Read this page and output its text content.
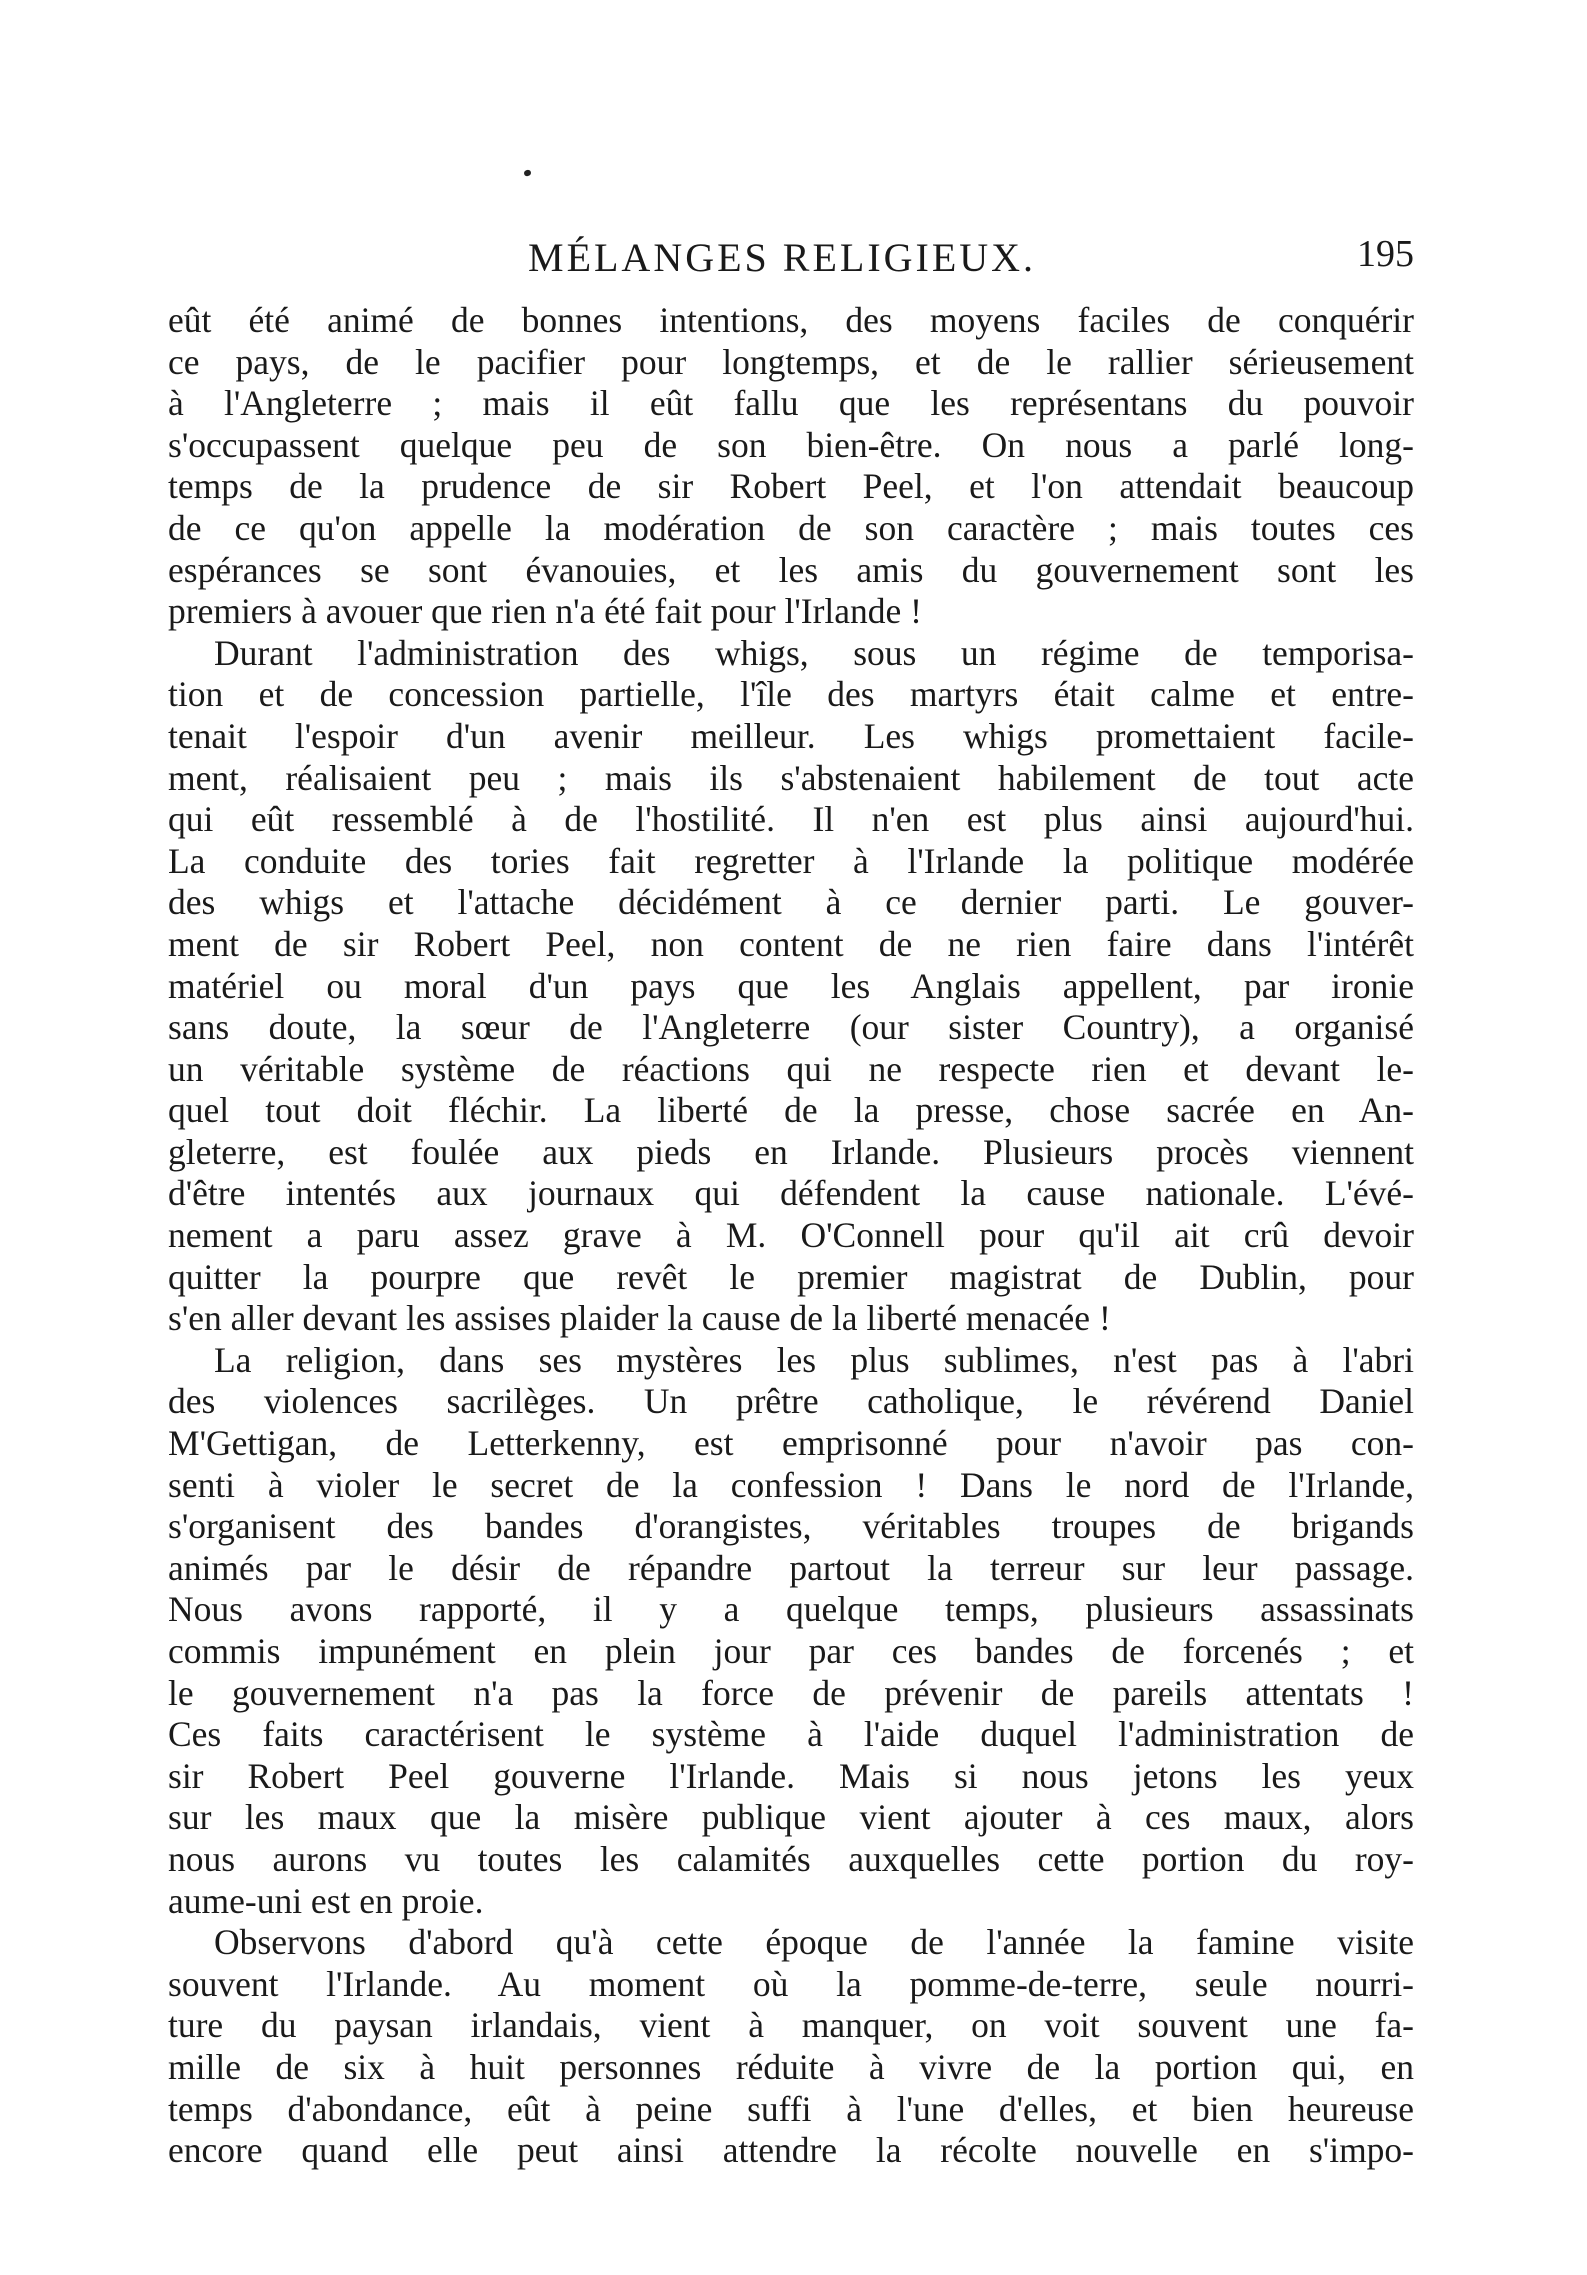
MÉLANGES RELIGIEUX.	195
eût été animé de bonnes intentions, des moyens faciles de conquérir
ce pays, de le pacifier pour longtemps, et de le rallier sérieusement
à l'Angleterre ; mais il eût fallu que les représentans du pouvoir
s'occupassent quelque peu de son bien-être. On nous a parlé long-
temps de la prudence de sir Robert Peel, et l'on attendait beaucoup
de ce qu'on appelle la modération de son caractère ; mais toutes ces
espérances se sont évanouies, et les amis du gouvernement sont les
premiers à avouer que rien n'a été fait pour l'Irlande !
Durant l'administration des whigs, sous un régime de temporisa-
tion et de concession partielle, l'île des martyrs était calme et entre-
tenait l'espoir d'un avenir meilleur. Les whigs promettaient facile-
ment, réalisaient peu ; mais ils s'abstenaient habilement de tout acte
qui eût ressemblé à de l'hostilité. Il n'en est plus ainsi aujourd'hui.
La conduite des tories fait regretter à l'Irlande la politique modérée
des whigs et l'attache décidément à ce dernier parti. Le gouver-
ment de sir Robert Peel, non content de ne rien faire dans l'intérêt
matériel ou moral d'un pays que les Anglais appellent, par ironie
sans doute, la sœur de l'Angleterre (our sister Country), a organisé
un véritable système de réactions qui ne respecte rien et devant le-
quel tout doit fléchir. La liberté de la presse, chose sacrée en An-
gleterre, est foulée aux pieds en Irlande. Plusieurs procès viennent
d'être intentés aux journaux qui défendent la cause nationale. L'évé-
nement a paru assez grave à M. O'Connell pour qu'il ait crû devoir
quitter la pourpre que revêt le premier magistrat de Dublin, pour
s'en aller devant les assises plaider la cause de la liberté menacée !
La religion, dans ses mystères les plus sublimes, n'est pas à l'abri
des violences sacrilèges. Un prêtre catholique, le révérend Daniel
M'Gettigan, de Letterkenny, est emprisonné pour n'avoir pas con-
senti à violer le secret de la confession ! Dans le nord de l'Irlande,
s'organisent des bandes d'orangistes, véritables troupes de brigands
animés par le désir de répandre partout la terreur sur leur passage.
Nous avons rapporté, il y a quelque temps, plusieurs assassinats
commis impunément en plein jour par ces bandes de forcenés ; et
le gouvernement n'a pas la force de prévenir de pareils attentats !
Ces faits caractérisent le système à l'aide duquel l'administration de
sir Robert Peel gouverne l'Irlande. Mais si nous jetons les yeux
sur les maux que la misère publique vient ajouter à ces maux, alors
nous aurons vu toutes les calamités auxquelles cette portion du roy-
aume-uni est en proie.
Observons d'abord qu'à cette époque de l'année la famine visite
souvent l'Irlande. Au moment où la pomme-de-terre, seule nourri-
ture du paysan irlandais, vient à manquer, on voit souvent une fa-
mille de six à huit personnes réduite à vivre de la portion qui, en
temps d'abondance, eût à peine suffi à l'une d'elles, et bien heureuse
encore quand elle peut ainsi attendre la récolte nouvelle en s'impo-
